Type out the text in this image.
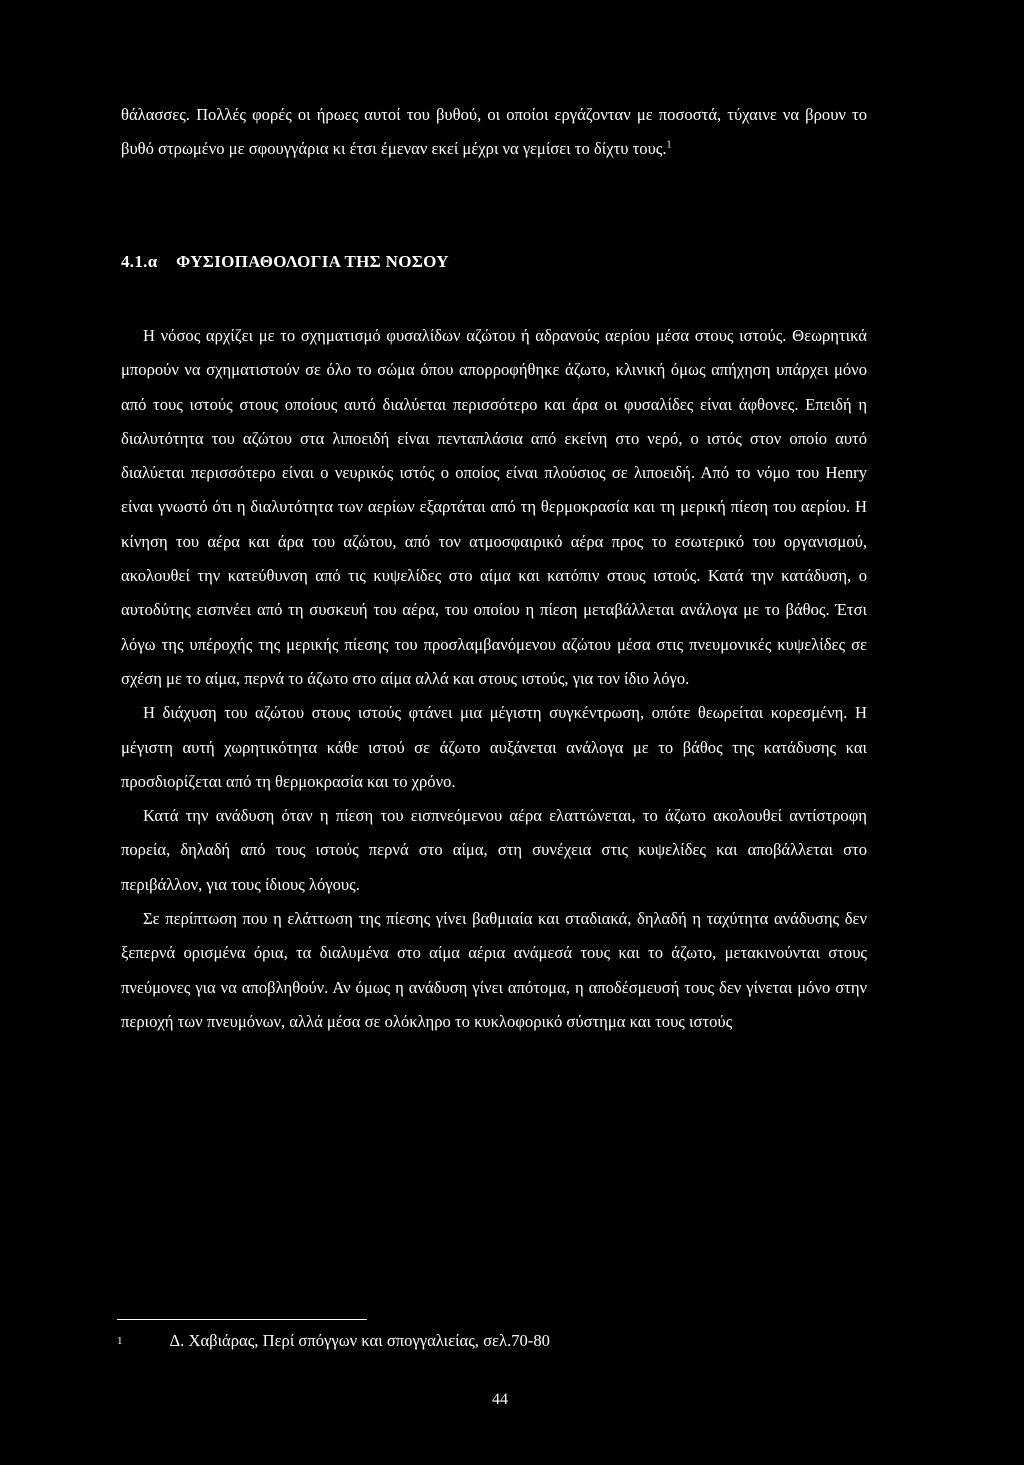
θάλασσες. Πολλές φορές οι ήρωες αυτοί του βυθού, οι οποίοι εργάζονταν με ποσοστά, τύχαινε να βρουν το βυθό στρωμένο με σφουγγάρια κι έτσι έμεναν εκεί μέχρι να γεμίσει το δίχτυ τους.$^1$
4.1.α ΦΥΣΙΟΠΑΘΟΛΟΓΙΑ ΤΗΣ ΝΟΣΟΥ

Η νόσος αρχίζει με το σχηματισμό φυσαλίδων αζώτου ή αδρανούς αερίου μέσα στους ιστούς. Θεωρητικά μπορούν να σχηματιστούν σε όλο το σώμα όπου απορροφήθηκε άζωτο, κλινική όμως απήχηση υπάρχει μόνο από τους ιστούς στους οποίους αυτό διαλύεται περισσότερο και άρα οι φυσαλίδες είναι άφθονες. Επειδή η διαλυτότητα του αζώτου στα λιποειδή είναι πενταπλάσια από εκείνη στο νερό, ο ιστός στον οποίο αυτό διαλύεται περισσότερο είναι ο νευρικός ιστός ο οποίος είναι πλούσιος σε λιποειδή. Από το νόμο του Henry είναι γνωστό ότι η διαλυτότητα των αερίων εξαρτάται από τη θερμοκρασία και τη μερική πίεση του αερίου. Η κίνηση του αέρα και άρα του αζώτου, από τον ατμοσφαιρικό αέρα προς το εσωτερικό του οργανισμού, ακολουθεί την κατεύθυνση από τις κυψελίδες στο αίμα και κατόπιν στους ιστούς. Κατά την κατάδυση, ο αυτοδύτης εισπνέει από τη συσκευή του αέρα, του οποίου η πίεση μεταβάλλεται ανάλογα με το βάθος. Έτσι λόγω της υπέροχής της μερικής πίεσης του προσλαμβανόμενου αζώτου μέσα στις πνευμονικές κυψελίδες σε σχέση με το αίμα, περνά το άζωτο στο αίμα αλλά και στους ιστούς, για τον ίδιο λόγο.

Η διάχυση του αζώτου στους ιστούς φτάνει μια μέγιστη συγκέντρωση, οπότε θεωρείται κορεσμένη. Η μέγιστη αυτή χωρητικότητα κάθε ιστού σε άζωτο αυξάνεται ανάλογα με το βάθος της κατάδυσης και προσδιορίζεται από τη θερμοκρασία και το χρόνο.

Κατά την ανάδυση όταν η πίεση του εισπνεόμενου αέρα ελαττώνεται, το άζωτο ακολουθεί αντίστροφη πορεία, δηλαδή από τους ιστούς περνά στο αίμα, στη συνέχεια στις κυψελίδες και αποβάλλεται στο περιβάλλον, για τους ίδιους λόγους.

Σε περίπτωση που η ελάττωση της πίεσης γίνει βαθμιαία και σταδιακά, δηλαδή η ταχύτητα ανάδυσης δεν ξεπερνά ορισμένα όρια, τα διαλυμένα στο αίμα αέρια ανάμεσά τους και το άζωτο, μετακινούνται στους πνεύμονες για να αποβληθούν. Αν όμως η ανάδυση γίνει απότομα, η αποδέσμευσή τους δεν γίνεται μόνο στην περιοχή των πνευμόνων, αλλά μέσα σε ολόκληρο το κυκλοφορικό σύστημα και τους ιστούς

$^1$	Δ. Χαβιάρας, Περί σπόγγων και σπογγαλιείας, σελ.70-80
44
